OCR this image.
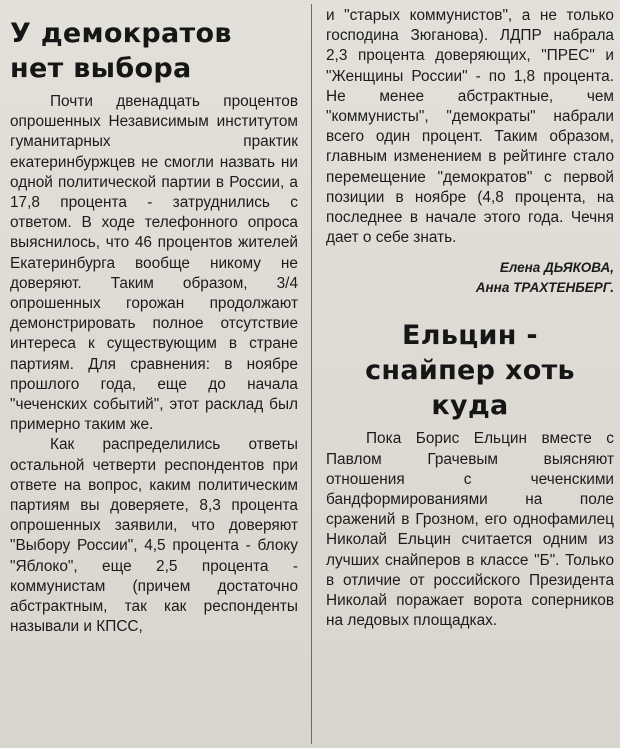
У демократов
нет выбора

Почти двенадцать процентов опрошенных Независимым институтом гуманитарных практик екатеринбуржцев не смогли назвать ни одной политической партии в России, а 17,8 процента - затруднились с ответом. В ходе телефонного опроса выяснилось, что 46 процентов жителей Екатеринбурга вообще никому не доверяют. Таким образом, 3/4 опрошенных горожан продолжают демонстрировать полное отсутствие интереса к существующим в стране партиям. Для сравнения: в ноябре прошлого года, еще до начала "чеченских событий", этот расклад был примерно таким же.

Как распределились ответы остальной четверти респондентов при ответе на вопрос, каким политическим партиям вы доверяете, 8,3 процента опрошенных заявили, что доверяют "Выбору России", 4,5 процента - блоку "Яблоко", еще 2,5 процента - коммунистам (причем достаточно абстрактным, так как респонденты называли и КПСС,

и "старых коммунистов", а не только господина Зюганова). ЛДПР набрала 2,3 процента доверяющих, "ПРЕС" и "Женщины России" - по 1,8 процента. Не менее абстрактные, чем "коммунисты", "демократы" набрали всего один процент. Таким образом, главным изменением в рейтинге стало перемещение "демократов" с первой позиции в ноябре (4,8 процента, на последнее в начале этого года. Чечня дает о себе знать.

Елена ДЬЯКОВА,
Анна ТРАХТЕНБЕРГ.
Ельцин -
снайпер хоть куда

Пока Борис Ельцин вместе с Павлом Грачевым выясняют отношения с чеченскими бандформированиями на поле сражений в Грозном, его однофамилец Николай Ельцин считается одним из лучших снайперов в классе "Б". Только в отличие от российского Президента Николай поражает ворота соперников на ледовых площадках.
